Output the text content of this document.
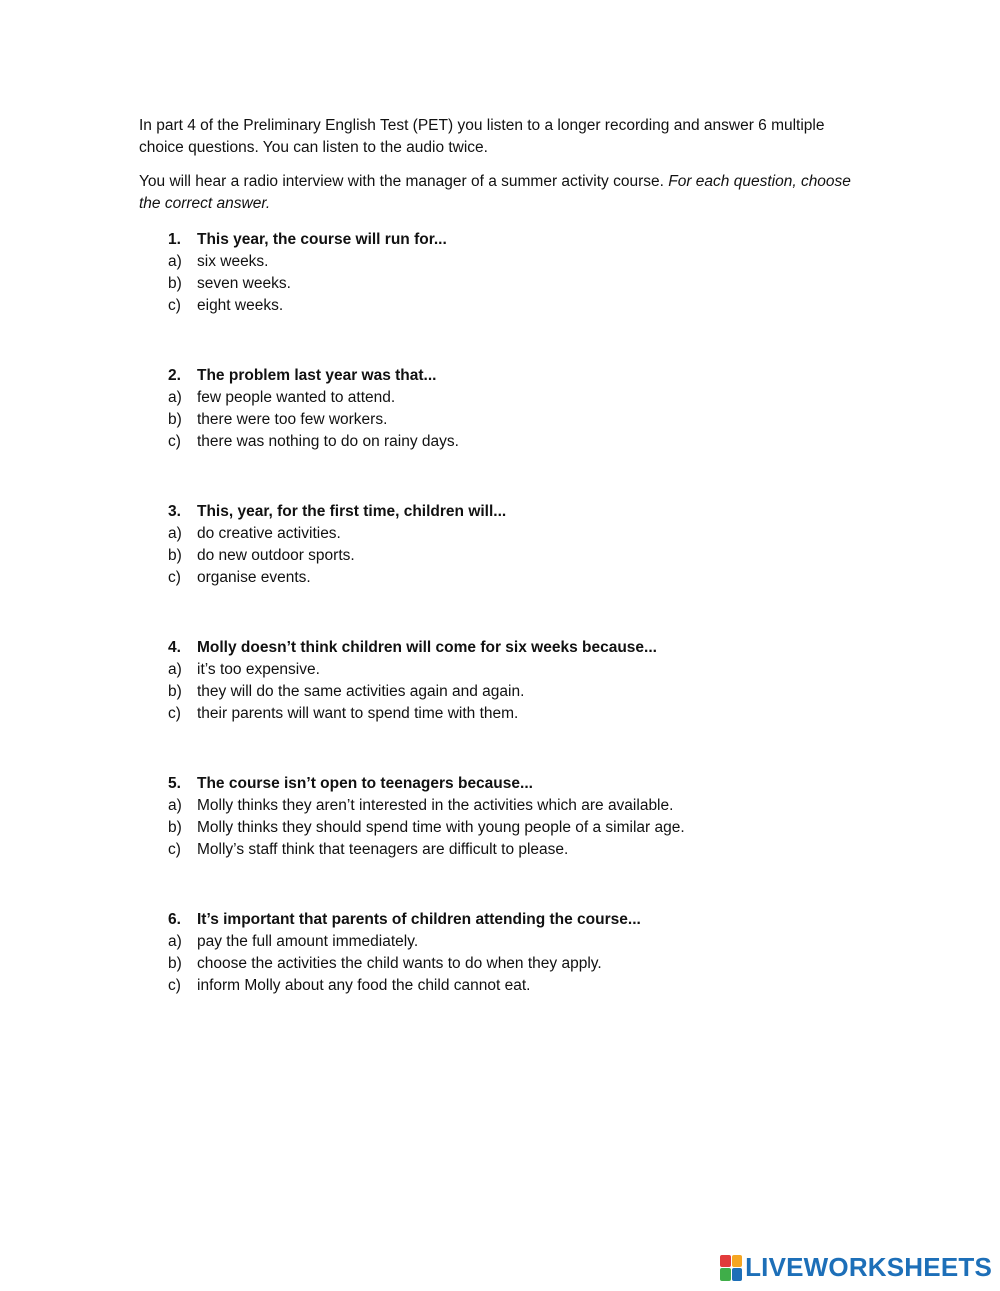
In part 4 of the Preliminary English Test (PET) you listen to a longer recording and answer 6 multiple choice questions. You can listen to the audio twice.

You will hear a radio interview with the manager of a summer activity course. For each question, choose the correct answer.

1.	This year, the course will run for...
a) six weeks.
b) seven weeks.
c)	eight weeks.
2.	The problem last year was that...
a) few people wanted to attend.
b) there were too few workers.
c)	there was nothing to do on rainy days.
3.	This, year, for the first time, children will...
a) do creative activities.
b) do new outdoor sports.
c)	organise events.
4.	Molly doesn’t think children will come for six weeks because...
a) it’s too expensive.
b) they will do the same activities again and again.
c)	their parents will want to spend time with them.
5.	The course isn’t open to teenagers because...
a) Molly thinks they aren’t interested in the activities which are available.
b) Molly thinks they should spend time with young people of a similar age.
c)	Molly’s staff think that teenagers are difficult to please.
6.	It’s important that parents of children attending the course...
a) pay the full amount immediately.
b) choose the activities the child wants to do when they apply.
c)	inform Molly about any food the child cannot eat.
LIVEWORKSHEETS
